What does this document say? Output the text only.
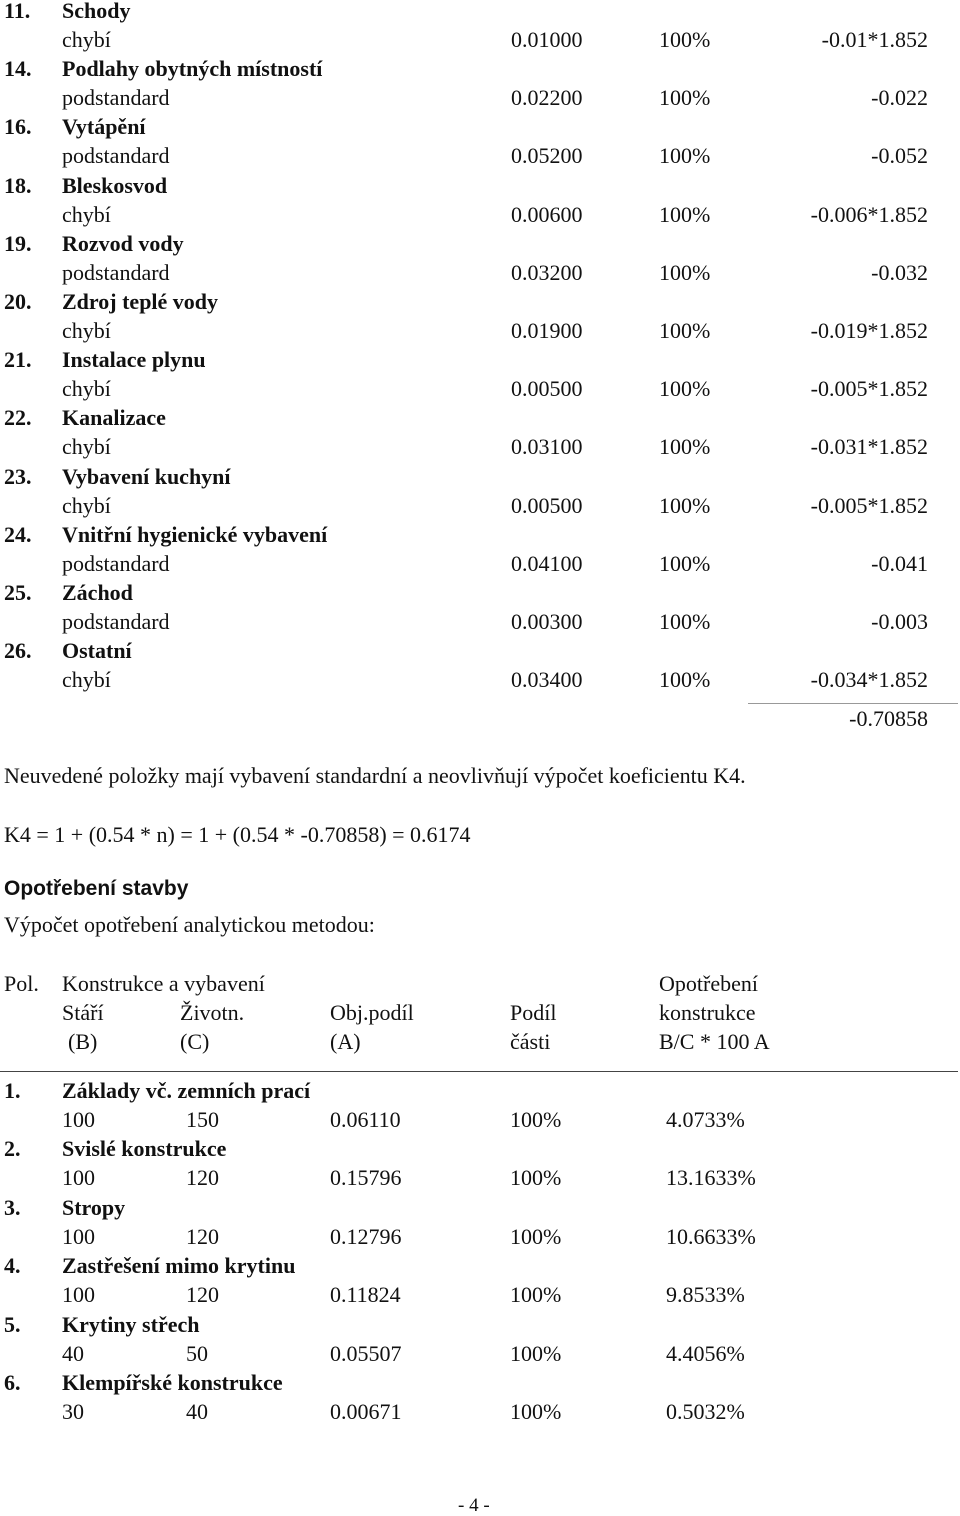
11. Schody
chybí	0.01000	100%	-0.01*1.852
14. Podlahy obytných místností
podstandard	0.02200	100%	-0.022
16. Vytápění
podstandard	0.05200	100%	-0.052
18. Bleskosvod
chybí	0.00600	100%	-0.006*1.852
19. Rozvod vody
podstandard	0.03200	100%	-0.032
20. Zdroj teplé vody
chybí	0.01900	100%	-0.019*1.852
21. Instalace plynu
chybí	0.00500	100%	-0.005*1.852
22. Kanalizace
chybí	0.03100	100%	-0.031*1.852
23. Vybavení kuchyní
chybí	0.00500	100%	-0.005*1.852
24. Vnitřní hygienické vybavení
podstandard	0.04100	100%	-0.041
25. Záchod
podstandard	0.00300	100%	-0.003
26. Ostatní
chybí	0.03400	100%	-0.034*1.852
-0.70858
Neuvedené položky mají vybavení standardní a neovlivňují výpočet koeficientu K4.
K4 = 1 + (0.54 * n) = 1 + (0.54 * -0.70858) = 0.6174
Opotřebení stavby
Výpočet opotřebení analytickou metodou:
Pol. Konstrukce a vybavení	Opotřebení
Stáří	Životn.	Obj.podíl	Podíl	konstrukce
(B)	(C)	(A)	části	B/C * 100 A
1. Základy vč. zemních prací
100	150	0.06110	100%	4.0733%
2. Svislé konstrukce
100	120	0.15796	100%	13.1633%
3. Stropy
100	120	0.12796	100%	10.6633%
4. Zastřešení mimo krytinu
100	120	0.11824	100%	9.8533%
5. Krytiny střech
40	50	0.05507	100%	4.4056%
6. Klempířské konstrukce
30	40	0.00671	100%	0.5032%
- 4 -
